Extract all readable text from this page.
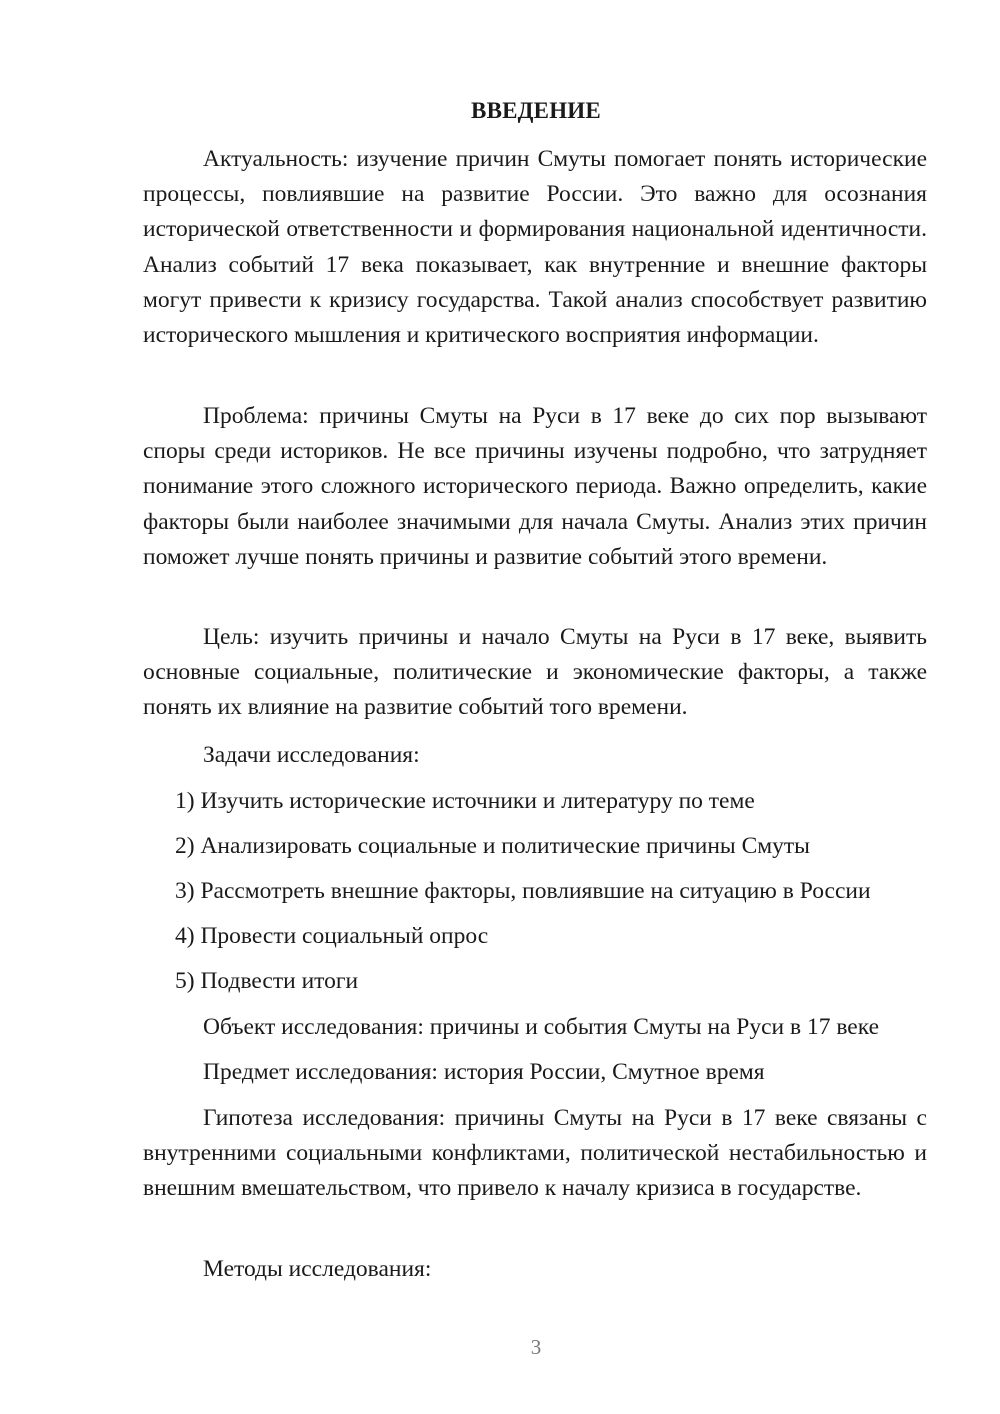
ВВЕДЕНИЕ

Актуальность: изучение причин Смуты помогает понять исторические процессы, повлиявшие на развитие России. Это важно для осознания исторической ответственности и формирования национальной идентичности. Анализ событий 17 века показывает, как внутренние и внешние факторы могут привести к кризису государства. Такой анализ способствует развитию исторического мышления и критического восприятия информации.

Проблема: причины Смуты на Руси в 17 веке до сих пор вызывают споры среди историков. Не все причины изучены подробно, что затрудняет понимание этого сложного исторического периода. Важно определить, какие факторы были наиболее значимыми для начала Смуты. Анализ этих причин поможет лучше понять причины и развитие событий этого времени.

Цель: изучить причины и начало Смуты на Руси в 17 веке, выявить основные социальные, политические и экономические факторы, а также понять их влияние на развитие событий того времени.

Задачи исследования:
1) Изучить исторические источники и литературу по теме
2) Анализировать социальные и политические причины Смуты
3) Рассмотреть внешние факторы, повлиявшие на ситуацию в России
4) Провести социальный опрос
5) Подвести итоги
Объект исследования: причины и события Смуты на Руси в 17 веке
Предмет исследования: история России, Смутное время

Гипотеза исследования: причины Смуты на Руси в 17 веке связаны с внутренними социальными конфликтами, политической нестабильностью и внешним вмешательством, что привело к началу кризиса в государстве.

Методы исследования:
3
